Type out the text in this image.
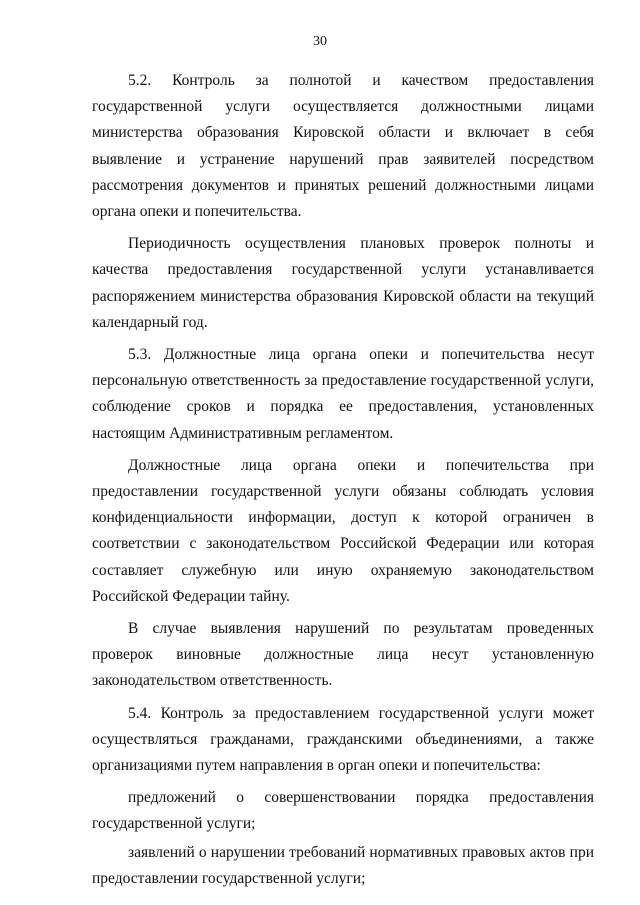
30

5.2. Контроль за полнотой и качеством предоставления государственной услуги осуществляется должностными лицами министерства образования Кировской области и включает в себя выявление и устранение нарушений прав заявителей посредством рассмотрения документов и принятых решений должностными лицами органа опеки и попечительства.

Периодичность осуществления плановых проверок полноты и качества предоставления государственной услуги устанавливается распоряжением министерства образования Кировской области на текущий календарный год.

5.3. Должностные лица органа опеки и попечительства несут персональную ответственность за предоставление государственной услуги, соблюдение сроков и порядка ее предоставления, установленных настоящим Административным регламентом.

Должностные лица органа опеки и попечительства при предоставлении государственной услуги обязаны соблюдать условия конфиденциальности информации, доступ к которой ограничен в соответствии с законодательством Российской Федерации или которая составляет служебную или иную охраняемую законодательством Российской Федерации тайну.

В случае выявления нарушений по результатам проведенных проверок виновные должностные лица несут установленную законодательством ответственность.

5.4. Контроль за предоставлением государственной услуги может осуществляться гражданами, гражданскими объединениями, а также организациями путем направления в орган опеки и попечительства:

предложений о совершенствовании порядка предоставления государственной услуги;

заявлений о нарушении требований нормативных правовых актов при предоставлении государственной услуги;
